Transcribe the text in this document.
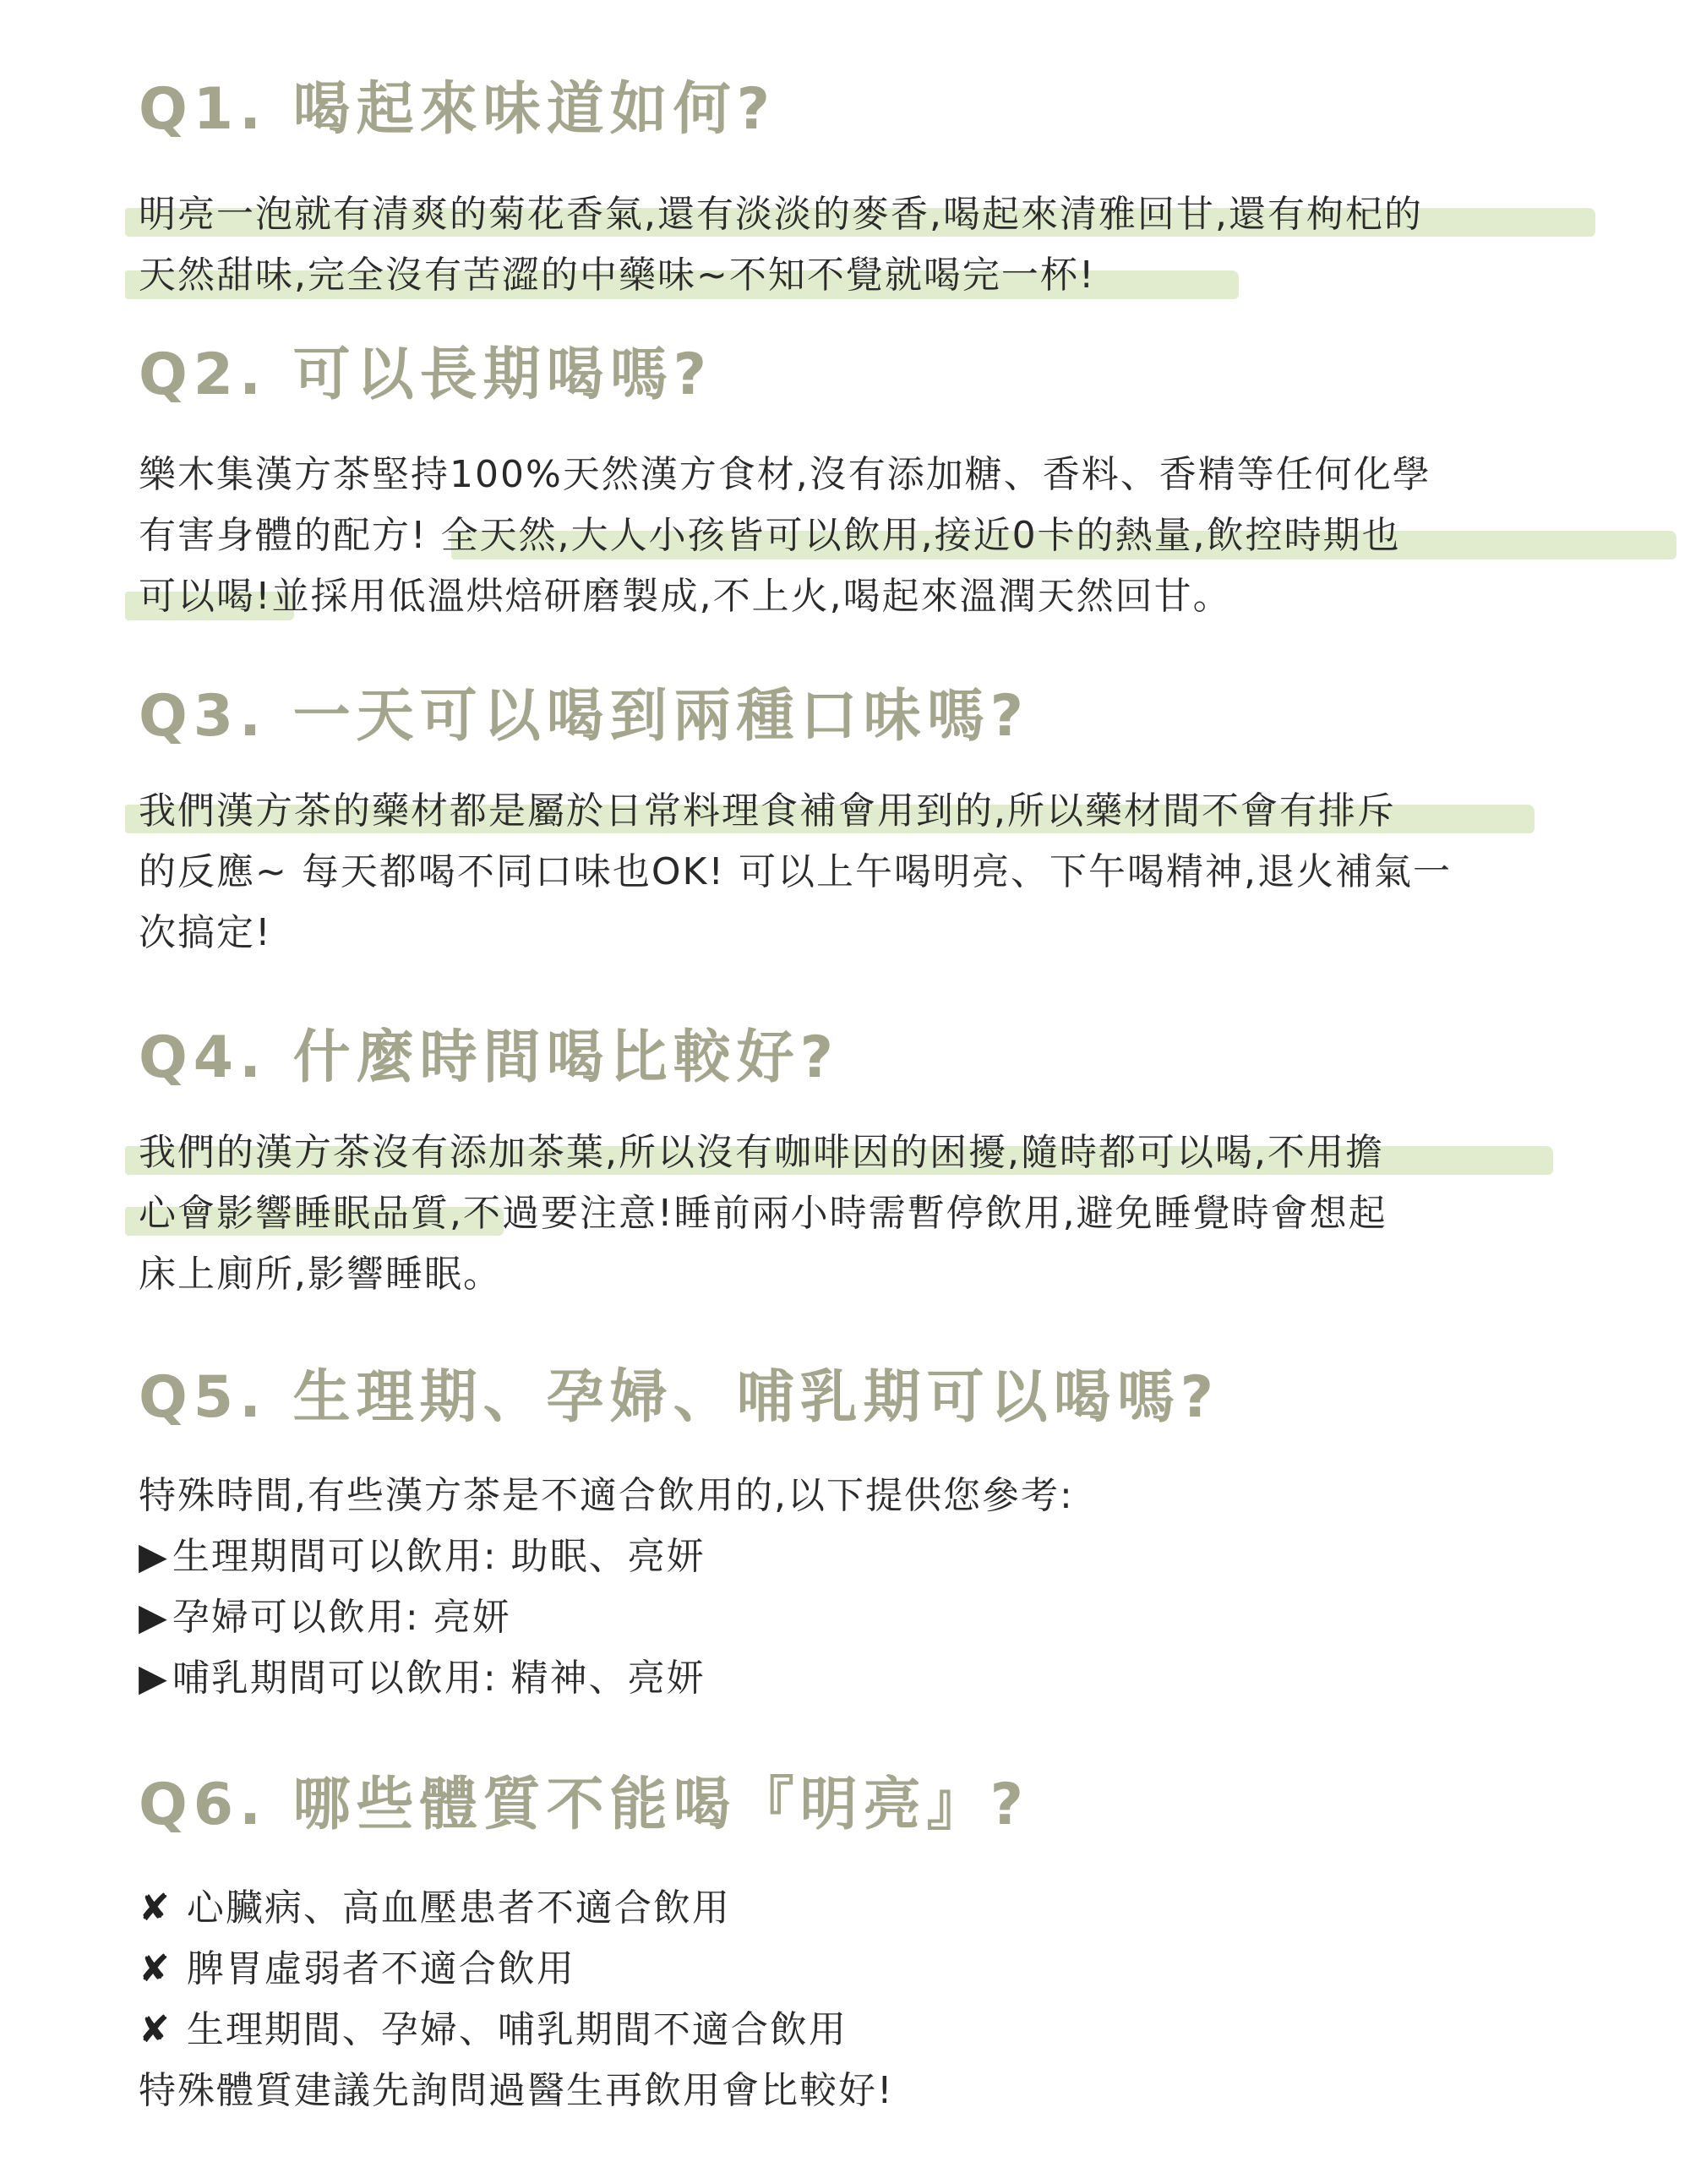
Q1. 喝起來味道如何?
明亮一泡就有清爽的菊花香氣,還有淡淡的麥香,喝起來清雅回甘,還有枸杞的
天然甜味,完全沒有苦澀的中藥味~不知不覺就喝完一杯!
Q2. 可以長期喝嗎?
樂木集漢方茶堅持100%天然漢方食材,沒有添加糖、香料、香精等任何化學
有害身體的配方! 全天然,大人小孩皆可以飲用,接近0卡的熱量,飲控時期也
可以喝!並採用低溫烘焙研磨製成,不上火,喝起來溫潤天然回甘。
Q3. 一天可以喝到兩種口味嗎?
我們漢方茶的藥材都是屬於日常料理食補會用到的,所以藥材間不會有排斥
的反應~ 每天都喝不同口味也OK! 可以上午喝明亮、下午喝精神,退火補氣一
次搞定!
Q4. 什麼時間喝比較好?
我們的漢方茶沒有添加茶葉,所以沒有咖啡因的困擾,隨時都可以喝,不用擔
心會影響睡眠品質,不過要注意!睡前兩小時需暫停飲用,避免睡覺時會想起
床上廁所,影響睡眠。
Q5. 生理期、孕婦、哺乳期可以喝嗎?
特殊時間,有些漢方茶是不適合飲用的,以下提供您參考:
▶生理期間可以飲用: 助眠、亮妍
▶孕婦可以飲用: 亮妍
▶哺乳期間可以飲用: 精神、亮妍
Q6. 哪些體質不能喝『明亮』?
✘ 心臟病、高血壓患者不適合飲用
✘ 脾胃虛弱者不適合飲用
✘ 生理期間、孕婦、哺乳期間不適合飲用
特殊體質建議先詢問過醫生再飲用會比較好!
